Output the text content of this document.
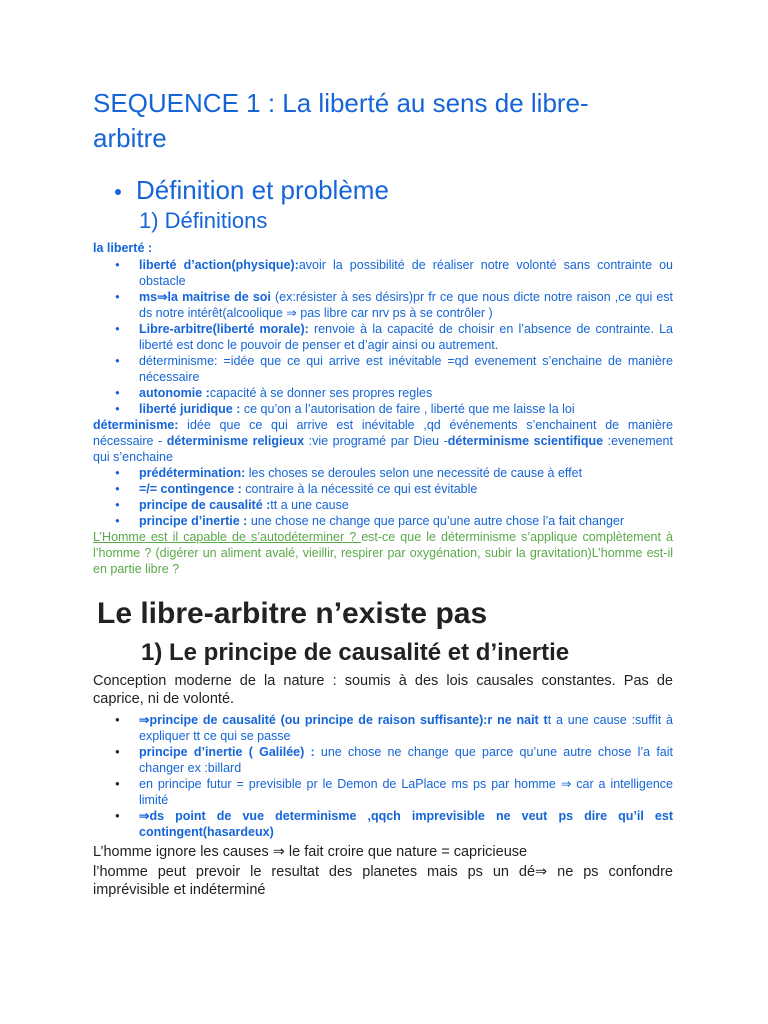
SEQUENCE 1 : La liberté au sens de libre-arbitre
Définition et problème
1) Définitions
la liberté :
● liberté d’action(physique):avoir la possibilité de réaliser notre volonté sans contrainte ou obstacle
● ms⇒la maitrise de soi (ex:résister à ses désirs)pr fr ce que nous dicte notre raison ,ce qui est ds notre intérêt(alcoolique ⇒ pas libre car nrv ps à se contrôler )
● Libre-arbitre(liberté morale): renvoie à la capacité de choisir en l’absence de contrainte. La liberté est donc le pouvoir de penser et d’agir ainsi ou autrement.
● déterminisme: =idée que ce qui arrive est inévitable =qd evenement s’enchaine de manière nécessaire
● autonomie :capacité à se donner ses propres regles
● liberté juridique : ce qu’on a l’autorisation de faire , liberté que me laisse la loi
déterminisme: idée que ce qui arrive est inévitable ,qd événements s’enchainent de manière nécessaire - déterminisme religieux :vie programé par Dieu -déterminisme scientifique :evenement qui s’enchaine
● prédétermination: les choses se deroules selon une necessité de cause à effet
● =/= contingence : contraire à la nécessité ce qui est évitable
● principe de causalité :tt a une cause
● principe d’inertie : une chose ne change que parce qu’une autre chose l’a fait changer
L’Homme est il capable de s’autodéterminer ? est-ce que le déterminisme s’applique complètement à l’homme ? (digérer un aliment avalé, vieillir, respirer par oxygénation, subir la gravitation)L’homme est-il en partie libre ?
Le libre-arbitre n’existe pas
1) Le principe de causalité et d’inertie
Conception moderne de la nature : soumis à des lois causales constantes. Pas de caprice, ni de volonté.
● ⇒principe de causalité (ou principe de raison suffisante):r ne nait tt a une cause :suffit à expliquer tt ce qui se passe
● principe d’inertie ( Galilée) : une chose ne change que parce qu’une autre chose l’a fait changer ex :billard
● en principe futur = previsible pr le Demon de LaPlace ms ps par homme ⇒ car a intelligence limité
● ⇒ds point de vue determinisme ,qqch imprevisible ne veut ps dire qu’il est contingent(hasardeux)
L’homme ignore les causes ⇒ le fait croire que nature = capricieuse
l’homme peut prevoir le resultat des planetes mais ps un dé⇒ ne ps confondre imprévisible et indéterminé
